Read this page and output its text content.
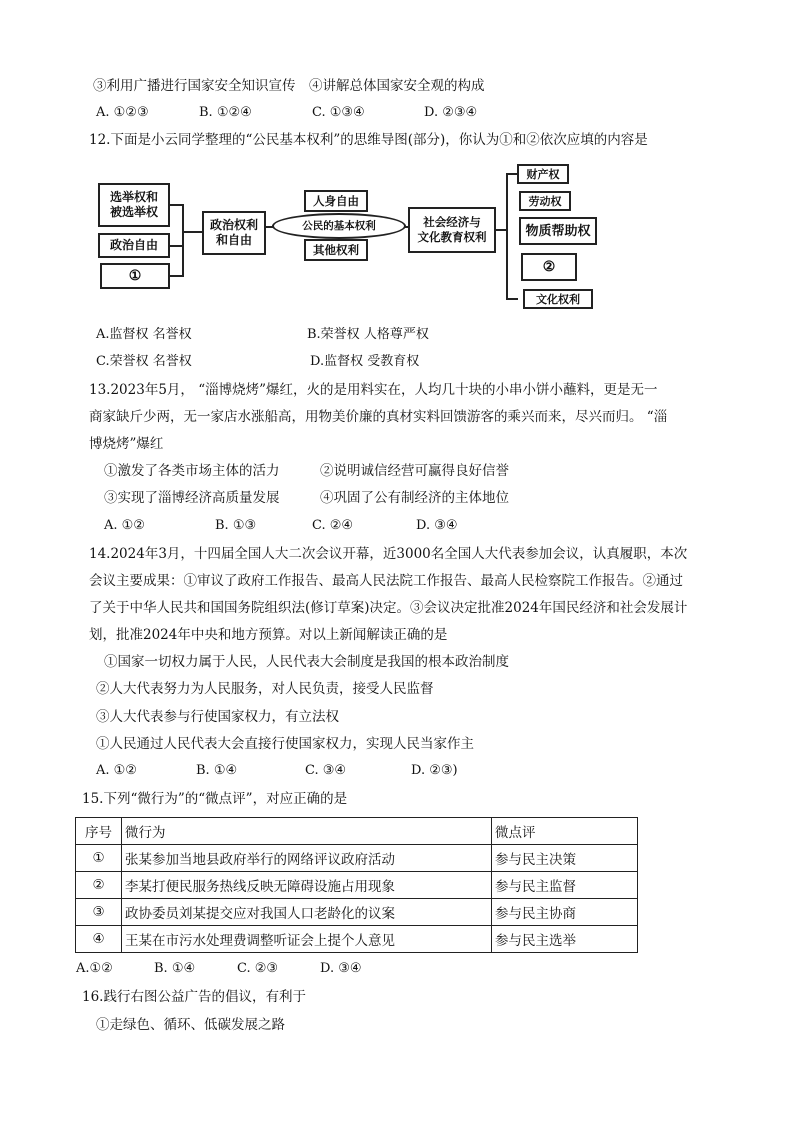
③利用广播进行国家安全知识宣传　④讲解总体国家安全观的构成
A. ①②③	B. ①②④	C. ①③④	D. ②③④
12.下面是小云同学整理的“公民基本权利”的思维导图(部分)，你认为①和②依次应填的内容是
选举权和
被选举权
政治自由
①
政治权利
和自由
人身自由
公民的基本权利
其他权利
社会经济与
文化教育权利
财产权
劳动权
物质帮助权
②
文化权利
A.监督权 名誉权	B.荣誉权 人格尊严权
C.荣誉权 名誉权	D.监督权 受教育权
13.2023年5月， “淄博烧烤”爆红，火的是用料实在，人均几十块的小串小饼小蘸料，更是无一
商家缺斤少两，无一家店水涨船高，用物美价廉的真材实料回馈游客的乘兴而来，尽兴而归。 “淄
博烧烤”爆红
①激发了各类市场主体的活力	②说明诚信经营可赢得良好信誉
③实现了淄博经济高质量发展	④巩固了公有制经济的主体地位
A. ①②	B. ①③	C. ②④	D. ③④
14.2024年3月，十四届全国人大二次会议开幕，近3000名全国人大代表参加会议，认真履职，本次
会议主要成果：①审议了政府工作报告、最高人民法院工作报告、最高人民检察院工作报告。②通过
了关于中华人民共和国国务院组织法(修订草案)决定。③会议决定批准2024年国民经济和社会发展计
划，批准2024年中央和地方预算。对以上新闻解读正确的是
①国家一切权力属于人民，人民代表大会制度是我国的根本政治制度
②人大代表努力为人民服务，对人民负责，接受人民监督
③人大代表参与行使国家权力，有立法权
①人民通过人民代表大会直接行使国家权力，实现人民当家作主
A. ①②	B. ①④	C. ③④	D. ②③)
15.下列“微行为”的“微点评”，对应正确的是
序号	微行为	微点评
①	张某参加当地县政府举行的网络评议政府活动	参与民主决策
②	李某打便民服务热线反映无障碍设施占用现象	参与民主监督
③	政协委员刘某提交应对我国人口老龄化的议案	参与民主协商
④	王某在市污水处理费调整听证会上提个人意见	参与民主选举
A.①②	B. ①④	C. ②③	D. ③④
16.践行右图公益广告的倡议，有利于
①走绿色、循环、低碳发展之路
